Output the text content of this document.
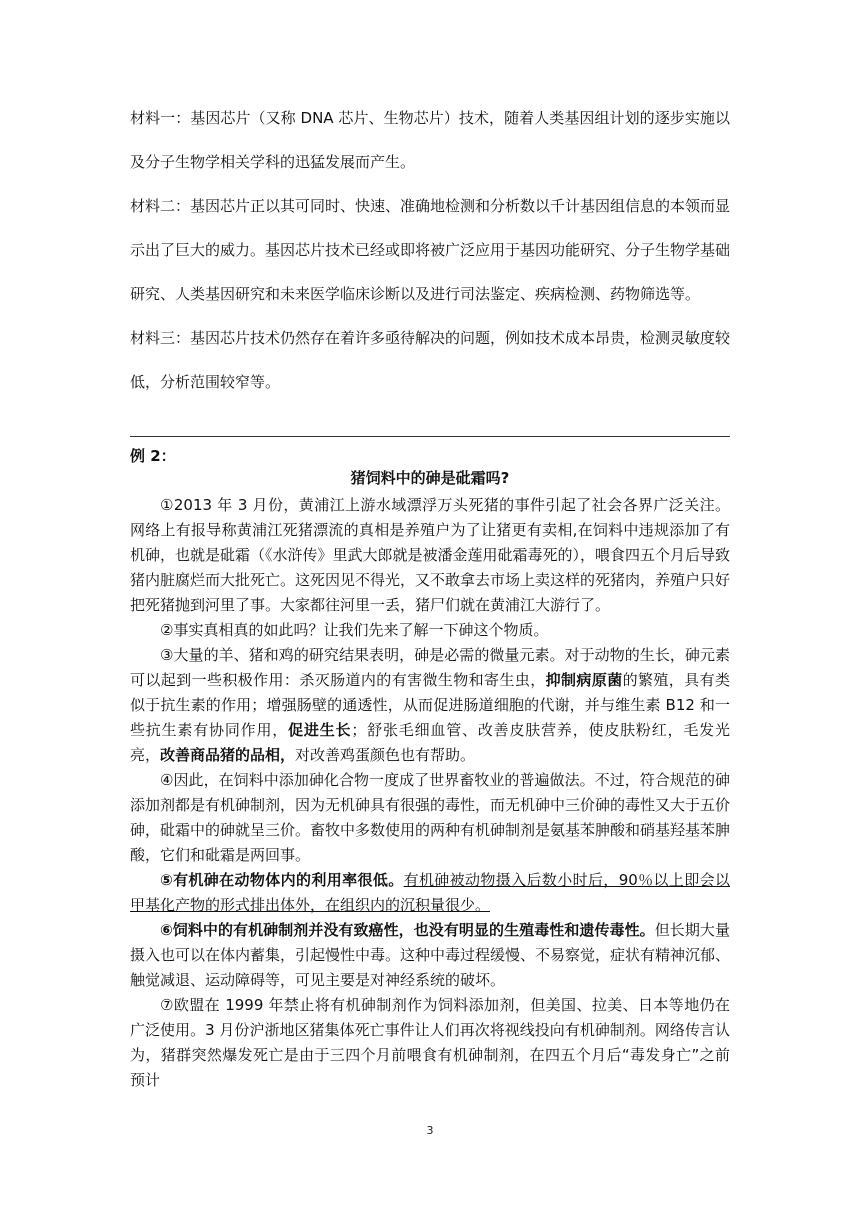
材料一：基因芯片（又称 DNA 芯片、生物芯片）技术，随着人类基因组计划的逐步实施以及分子生物学相关学科的迅猛发展而产生。

材料二：基因芯片正以其可同时、快速、准确地检测和分析数以千计基因组信息的本领而显示出了巨大的威力。基因芯片技术已经或即将被广泛应用于基因功能研究、分子生物学基础研究、人类基因研究和未来医学临床诊断以及进行司法鉴定、疾病检测、药物筛选等。

材料三：基因芯片技术仍然存在着许多亟待解决的问题，例如技术成本昂贵，检测灵敏度较低，分析范围较窄等。

例 2：

猪饲料中的砷是砒霜吗?

①2013 年 3 月份，黄浦江上游水域漂浮万头死猪的事件引起了社会各界广泛关注。网络上有报导称黄浦江死猪漂流的真相是养殖户为了让猪更有卖相,在饲料中违规添加了有机砷，也就是砒霜（《水浒传》里武大郎就是被潘金莲用砒霜毒死的），喂食四五个月后导致猪内脏腐烂而大批死亡。这死因见不得光，又不敢拿去市场上卖这样的死猪肉，养殖户只好把死猪抛到河里了事。大家都往河里一丢，猪尸们就在黄浦江大游行了。

②事实真相真的如此吗？让我们先来了解一下砷这个物质。

③大量的羊、猪和鸡的研究结果表明，砷是必需的微量元素。对于动物的生长，砷元素可以起到一些积极作用：杀灭肠道内的有害微生物和寄生虫，抑制病原菌的繁殖，具有类似于抗生素的作用；增强肠壁的通透性，从而促进肠道细胞的代谢，并与维生素 B12 和一些抗生素有协同作用，促进生长；舒张毛细血管、改善皮肤营养，使皮肤粉红，毛发光亮，改善商品猪的品相，对改善鸡蛋颜色也有帮助。

④因此，在饲料中添加砷化合物一度成了世界畜牧业的普遍做法。不过，符合规范的砷添加剂都是有机砷制剂，因为无机砷具有很强的毒性，而无机砷中三价砷的毒性又大于五价砷，砒霜中的砷就呈三价。畜牧中多数使用的两种有机砷制剂是氨基苯胂酸和硝基羟基苯胂酸，它们和砒霜是两回事。

⑤有机砷在动物体内的利用率很低。有机砷被动物摄入后数小时后，90％以上即会以甲基化产物的形式排出体外，在组织内的沉积量很少。

⑥饲料中的有机砷制剂并没有致癌性，也没有明显的生殖毒性和遗传毒性。但长期大量摄入也可以在体内蓄集，引起慢性中毒。这种中毒过程缓慢、不易察觉，症状有精神沉郁、触觉减退、运动障碍等，可见主要是对神经系统的破坏。

⑦欧盟在 1999 年禁止将有机砷制剂作为饲料添加剂，但美国、拉美、日本等地仍在广泛使用。3 月份沪浙地区猪集体死亡事件让人们再次将视线投向有机砷制剂。网络传言认为，猪群突然爆发死亡是由于三四个月前喂食有机砷制剂，在四五个月后“毒发身亡”之前预计

3
